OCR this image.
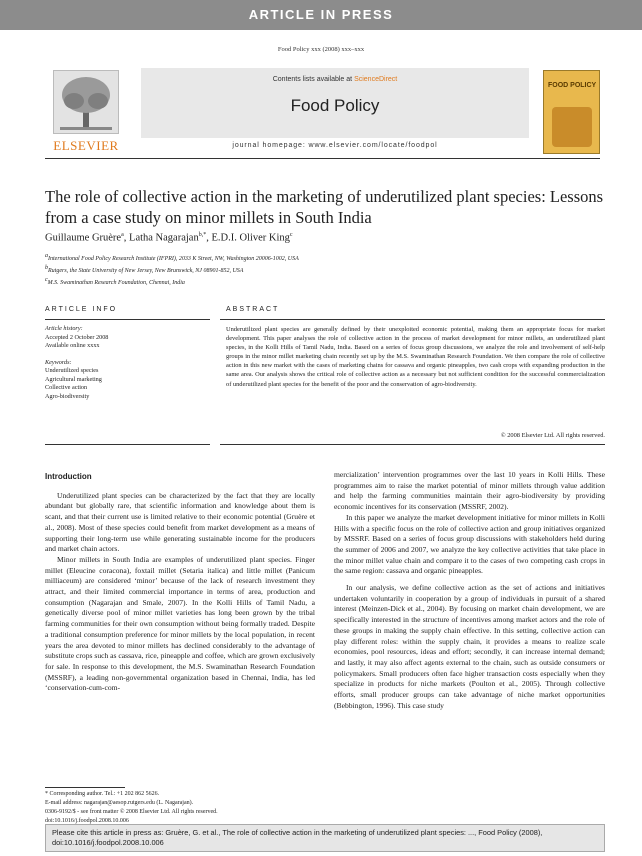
ARTICLE IN PRESS
Food Policy xxx (2008) xxx–xxx
ELSEVIER
Contents lists available at ScienceDirect
Food Policy
journal homepage: www.elsevier.com/locate/foodpol
FOOD POLICY
The role of collective action in the marketing of underutilized plant species: Lessons from a case study on minor millets in South India
Guillaume Gruère$^a$, Latha Nagarajan$^{b,*}$, E.D.I. Oliver King$^c$
$^a$International Food Policy Research Institute (IFPRI), 2033 K Street, NW, Washington 20006-1002, USA
$^b$Rutgers, the State University of New Jersey, New Brunswick, NJ 08901-852, USA
$^c$M.S. Swaminathan Research Foundation, Chennai, India
ARTICLE INFO	ABSTRACT
Article history:
Accepted 2 October 2008
Available online xxxx
Keywords:
Underutilized species
Agricultural marketing
Collective action
Agro-biodiversity
Underutilized plant species are generally defined by their unexploited economic potential, making them an appropriate focus for market development. This paper analyses the role of collective action in the process of market development for minor millets, an underutilized plant species, in the Kolli Hills of Tamil Nadu, India. Based on a series of focus group discussions, we analyze the role and involvement of self-help groups in the minor millet marketing chain recently set up by the M.S. Swaminathan Research Foundation. We then compare the role of collective action in this new market with the cases of marketing chains for cassava and organic pineapples, two cash crops with expanding production in the same area. Our analysis shows the critical role of collective action as a necessary but not sufficient condition for the successful commercialization of underutilized plant species for the benefit of the poor and the conservation of agro-biodiversity.
© 2008 Elsevier Ltd. All rights reserved.
Introduction

Underutilized plant species can be characterized by the fact that they are locally abundant but globally rare, that scientific information and knowledge about them is scant, and that their current use is limited relative to their economic potential (Gruère et al., 2008). Most of these species could benefit from market development as a means of supporting their long-term use while generating sustainable income for the producers and market chain actors.

Minor millets in South India are examples of underutilized plant species. Finger millet (Eleucine coracona), foxtail millet (Setaria italica) and little millet (Panicum milliaceum) are considered ‘minor’ because of the lack of research investment they attract, and their limited commercial importance in terms of area, production and consumption (Nagarajan and Smale, 2007). In the Kolli Hills of Tamil Nadu, a genetically diverse pool of minor millet varieties has long been grown by the tribal farming communities for their own consumption without being formally traded. Despite a traditional consumption preference for minor millets by the local population, in recent years the area devoted to minor millets has declined considerably to the advantage of substitute crops such as cassava, rice, pineapple and coffee, which are grown exclusively for sale. In response to this development, the M.S. Swaminathan Research Foundation (MSSRF), a leading non-governmental organization based in Chennai, India, has led ‘conservation-cum-com-

mercialization’ intervention programmes over the last 10 years in Kolli Hills. These programmes aim to raise the market potential of minor millets through value addition and help the farming communities maintain their agro-biodiversity by providing economic incentives for its conservation (MSSRF, 2002).

In this paper we analyze the market development initiative for minor millets in Kolli Hills with a specific focus on the role of collective action and group initiatives organized by MSSRF. Based on a series of focus group discussions with stakeholders held during the summer of 2006 and 2007, we analyze the key collective activities that take place in the minor millet value chain and compare it to the cases of two competing cash crops in the same region: cassava and organic pineapples.

In our analysis, we define collective action as the set of actions and initiatives undertaken voluntarily in cooperation by a group of individuals in pursuit of a shared interest (Meinzen-Dick et al., 2004). By focusing on market chain development, we are specifically interested in the structure of incentives among market actors and the role of these groups in making the supply chain effective. In this setting, collective action can play different roles: within the supply chain, it provides a means to realize scale economies, pool resources, ideas and effort; secondly, it can increase internal demand; and lastly, it may also affect agents external to the chain, such as outside consumers or policymakers. Small producers often face higher transaction costs especially when they specialize in products for niche markets (Poulton et al., 2005). Through collective efforts, small producer groups can take advantage of niche market opportunities (Bebbington, 1996). This case study

* Corresponding author. Tel.: +1 202 862 5626.
E-mail address: nagarajan@aesop.rutgers.edu (L. Nagarajan).
0306-9192/$ - see front matter © 2008 Elsevier Ltd. All rights reserved.
doi:10.1016/j.foodpol.2008.10.006
Please cite this article in press as: Gruère, G. et al., The role of collective action in the marketing of underutilized plant species: ..., Food Policy (2008), doi:10.1016/j.foodpol.2008.10.006
